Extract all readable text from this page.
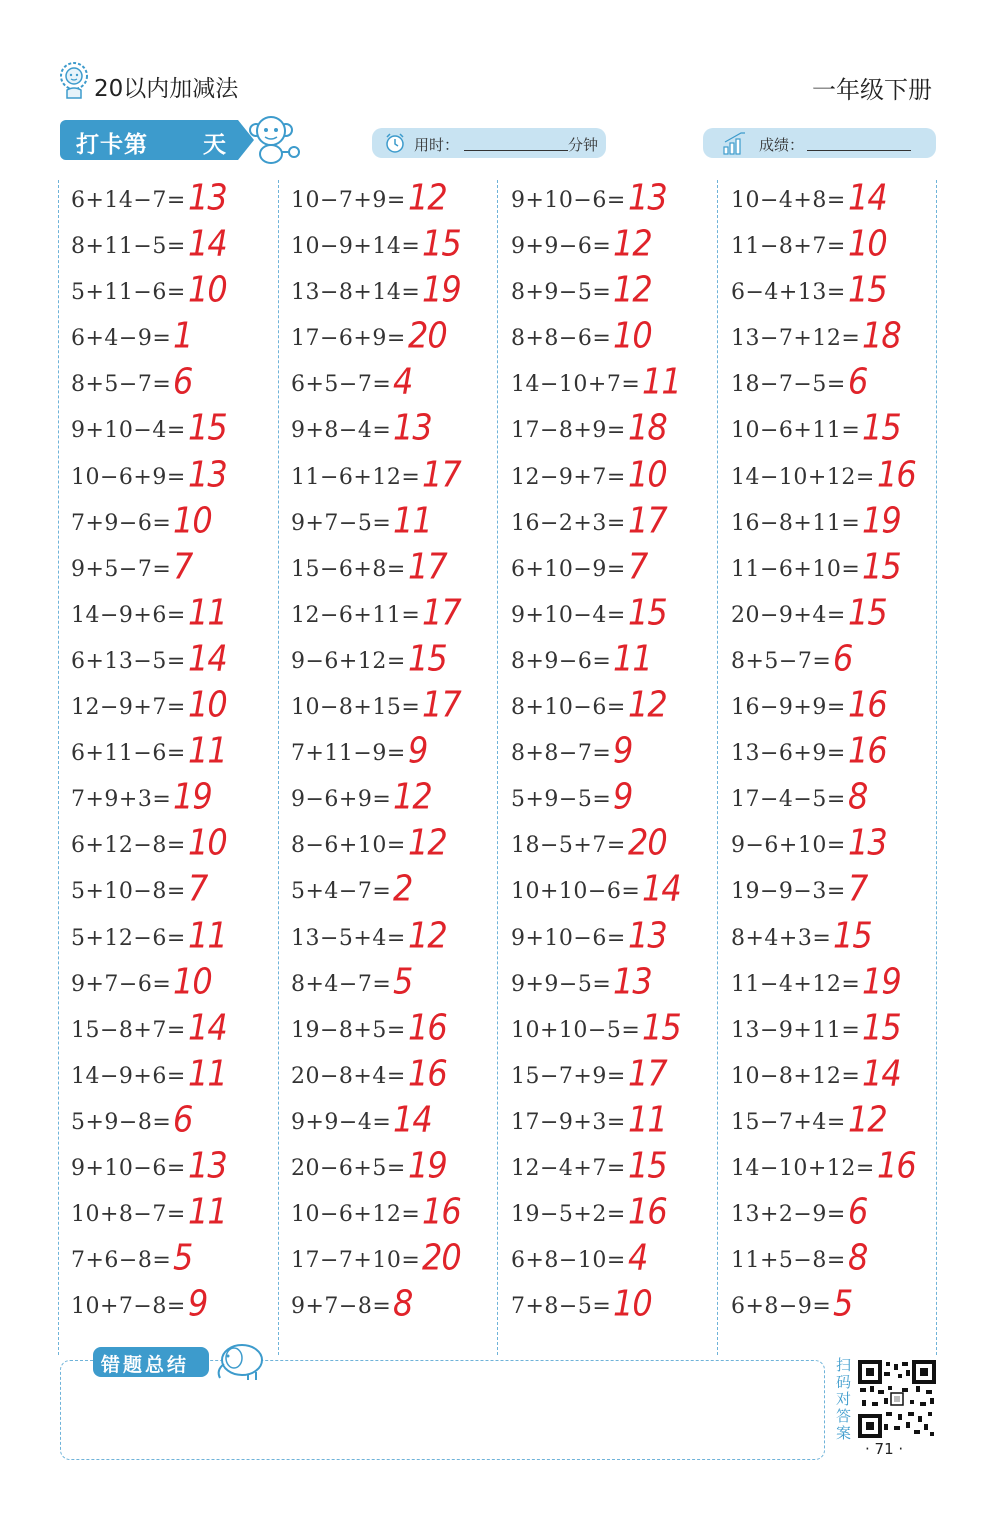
20以内加减法	一年级下册
打卡第 天	用时：	分钟	成绩：
6+14−7= 13
8+11−5= 14
5+11−6= 10
6+4−9= 1
8+5−7= 6
9+10−4= 15
10−6+9= 13
7+9−6= 10
9+5−7= 7
14−9+6= 11
6+13−5= 14
12−9+7= 10
6+11−6= 11
7+9+3= 19
6+12−8= 10
5+10−8= 7
5+12−6= 11
9+7−6= 10
15−8+7= 14
14−9+6= 11
5+9−8= 6
9+10−6= 13
10+8−7= 11
7+6−8= 5
10+7−8= 9
10−7+9= 12
10−9+14= 15
13−8+14= 19
17−6+9= 20
6+5−7= 4
9+8−4= 13
11−6+12= 17
9+7−5= 11
15−6+8= 17
12−6+11= 17
9−6+12= 15
10−8+15= 17
7+11−9= 9
9−6+9= 12
8−6+10= 12
5+4−7= 2
13−5+4= 12
8+4−7= 5
19−8+5= 16
20−8+4= 16
9+9−4= 14
20−6+5= 19
10−6+12= 16
17−7+10= 20
9+7−8= 8
9+10−6= 13
9+9−6= 12
8+9−5= 12
8+8−6= 10
14−10+7= 11
17−8+9= 18
12−9+7= 10
16−2+3= 17
6+10−9= 7
9+10−4= 15
8+9−6= 11
8+10−6= 12
8+8−7= 9
5+9−5= 9
18−5+7= 20
10+10−6= 14
9+10−6= 13
9+9−5= 13
10+10−5= 15
15−7+9= 17
17−9+3= 11
12−4+7= 15
19−5+2= 16
6+8−10= 4
7+8−5= 10
10−4+8= 14
11−8+7= 10
6−4+13= 15
13−7+12= 18
18−7−5= 6
10−6+11= 15
14−10+12= 16
16−8+11= 19
11−6+10= 15
20−9+4= 15
8+5−7= 6
16−9+9= 16
13−6+9= 16
17−4−5= 8
9−6+10= 13
19−9−3= 7
8+4+3= 15
11−4+12= 19
13−9+11= 15
10−8+12= 14
15−7+4= 12
14−10+12= 16
13+2−9= 6
11+5−8= 8
6+8−9= 5
错题总结	扫码对答案
· 71 ·
